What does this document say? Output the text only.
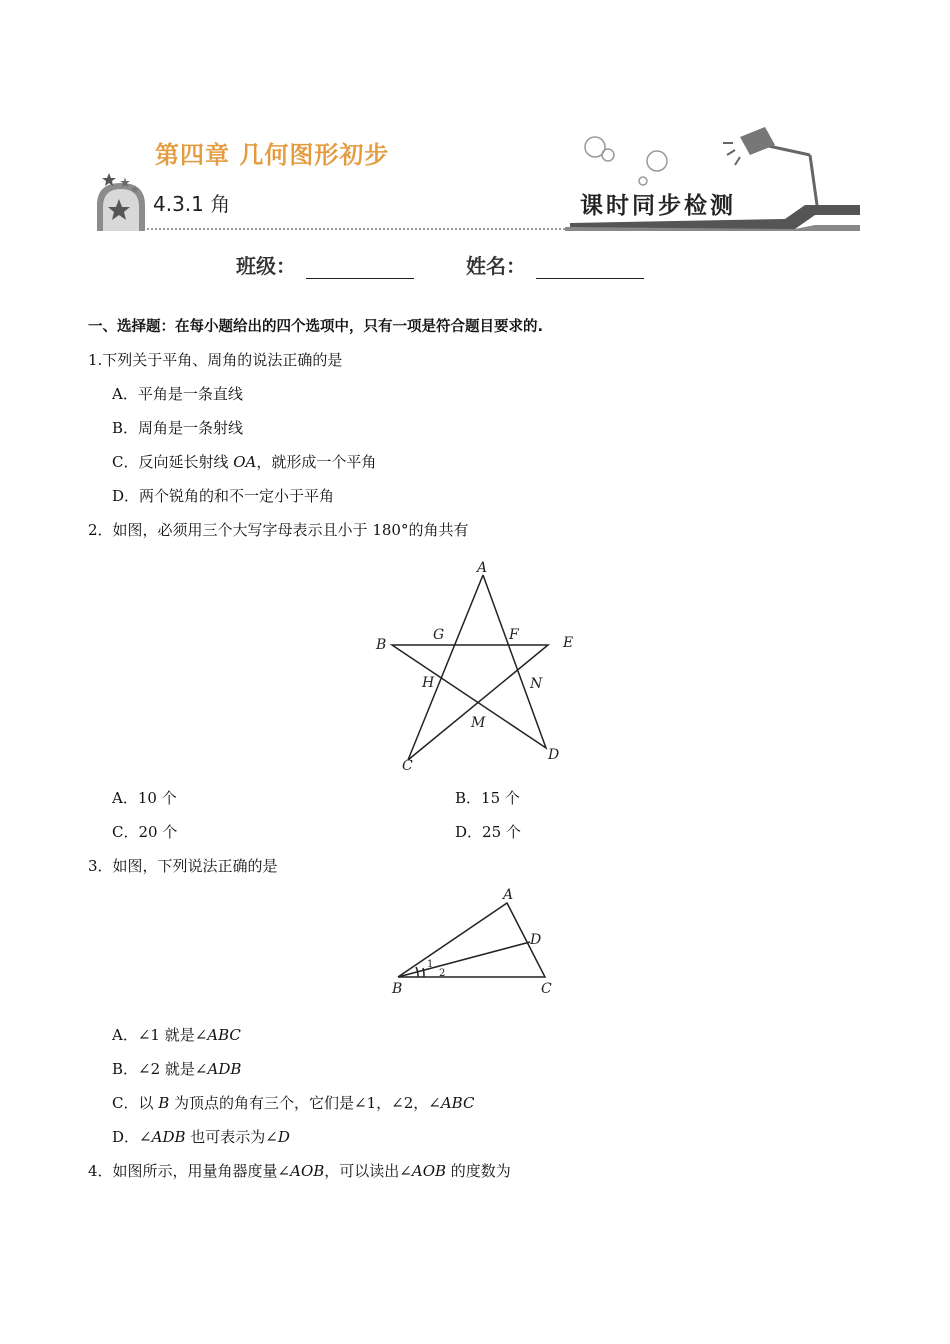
第四章 几何图形初步
4.3.1 角	课时同步检测
班级：	姓名：
一、选择题：在每小题给出的四个选项中，只有一项是符合题目要求的.
1.下列关于平角、周角的说法正确的是
A．平角是一条直线
B．周角是一条射线
C．反向延长射线 OA，就形成一个平角
D．两个锐角的和不一定小于平角
2．如图，必须用三个大写字母表示且小于 180°的角共有
A
B
C
D
E
F
G
H
M
N
A．10 个	B．15 个
C．20 个	D．25 个
3．如图，下列说法正确的是
A
B	C
D
1
2
A．∠1 就是∠ABC
B．∠2 就是∠ADB
C．以 B 为顶点的角有三个，它们是∠1，∠2，∠ABC
D．∠ADB 也可表示为∠D
4．如图所示，用量角器度量∠AOB，可以读出∠AOB 的度数为
